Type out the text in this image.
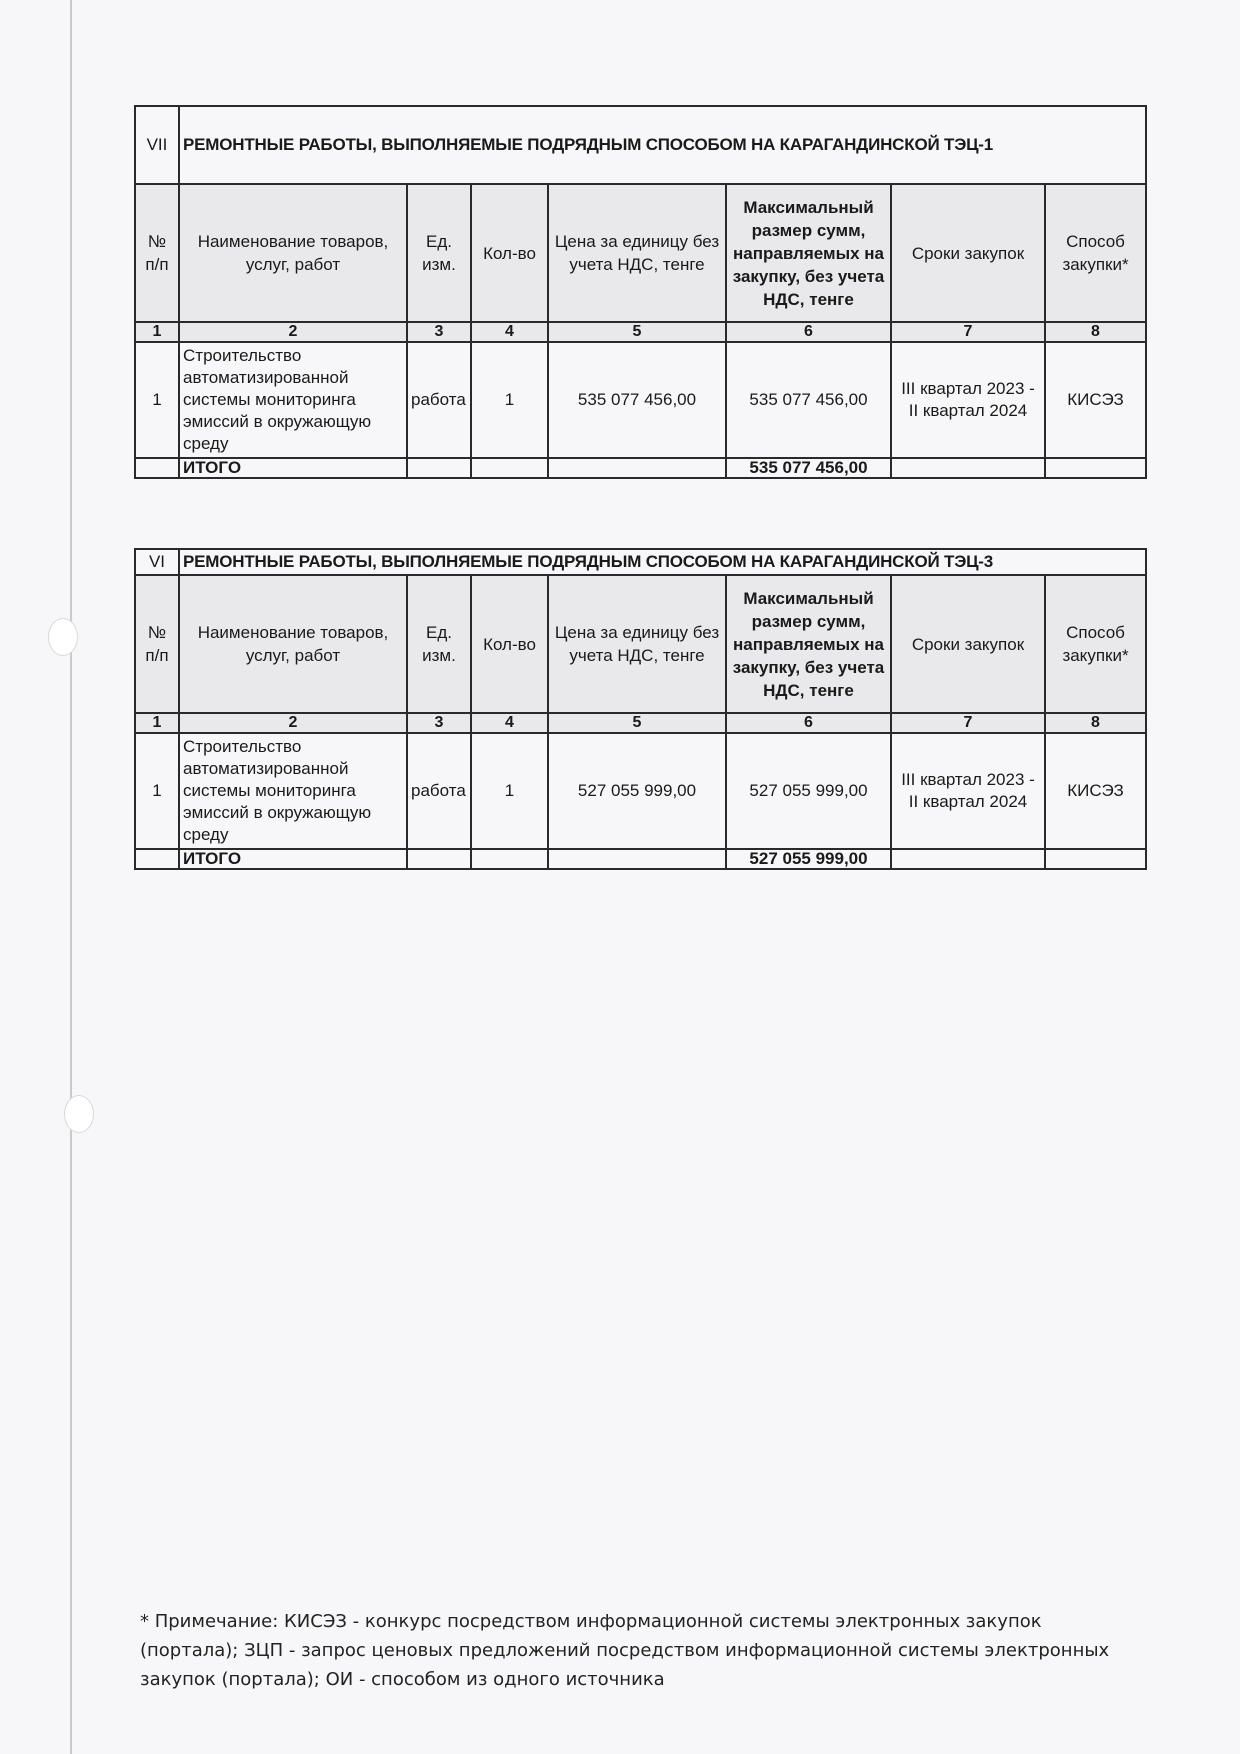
VII	РЕМОНТНЫЕ РАБОТЫ, ВЫПОЛНЯЕМЫЕ ПОДРЯДНЫМ СПОСОБОМ НА КАРАГАНДИНСКОЙ ТЭЦ-1						
№ п/п	Наименование товаров, услуг, работ	Ед. изм.	Кол-во	Цена за единицу без учета НДС, тенге	Максимальный размер сумм, направляемых на закупку, без учета НДС, тенге	Сроки закупок	Способ закупки*
1	2	3	4	5	6	7	8
1	Строительство автоматизированной системы мониторинга эмиссий в окружающую среду	работа	1	535 077 456,00	535 077 456,00	III квартал 2023 - II квартал 2024	КИСЭЗ
	ИТОГО				535 077 456,00		
VI	РЕМОНТНЫЕ РАБОТЫ, ВЫПОЛНЯЕМЫЕ ПОДРЯДНЫМ СПОСОБОМ НА КАРАГАНДИНСКОЙ ТЭЦ-3						
№ п/п	Наименование товаров, услуг, работ	Ед. изм.	Кол-во	Цена за единицу без учета НДС, тенге	Максимальный размер сумм, направляемых на закупку, без учета НДС, тенге	Сроки закупок	Способ закупки*
1	2	3	4	5	6	7	8
1	Строительство автоматизированной системы мониторинга эмиссий в окружающую среду	работа	1	527 055 999,00	527 055 999,00	III квартал 2023 - II квартал 2024	КИСЭЗ
	ИТОГО				527 055 999,00		
* Примечание: КИСЭЗ - конкурс посредством информационной системы электронных закупок (портала); ЗЦП - запрос ценовых предложений посредством информационной системы электронных закупок (портала); ОИ - способом из одного источника
